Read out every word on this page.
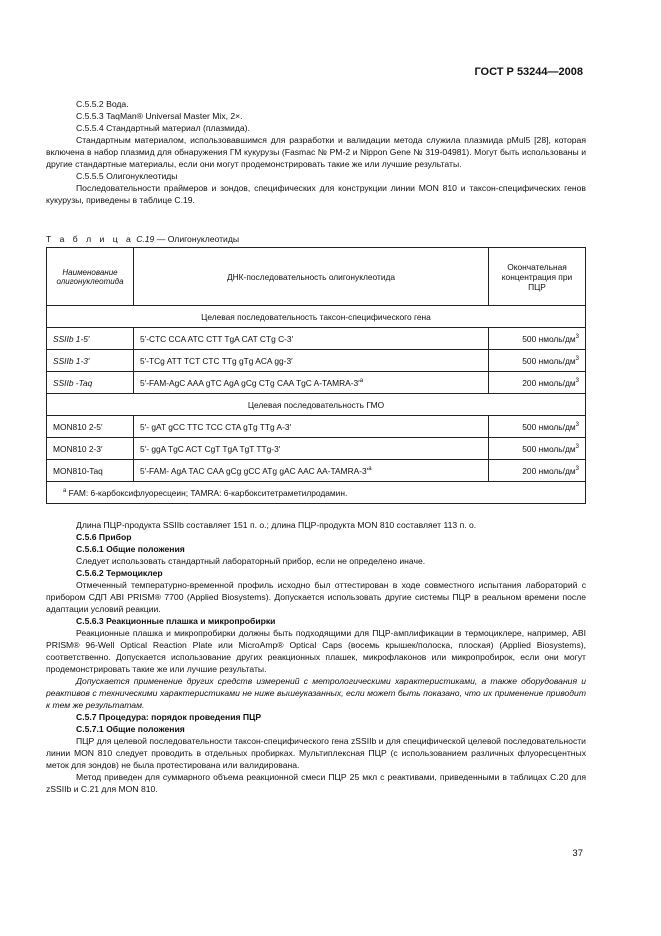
ГОСТ Р 53244—2008

С.5.5.2 Вода.

С.5.5.3 TaqMan® Universal Master Mix, 2×.

С.5.5.4 Стандартный материал (плазмида).

Стандартным материалом, использовавшимся для разработки и валидации метода служила плазмида pMul5 [28], которая включена в набор плазмид для обнаружения ГМ кукурузы (Fasmac № PM-2 и Nippon Gene № 319-04981). Могут быть использованы и другие стандартные материалы, если они могут продемонстрировать такие же или лучшие результаты.

С.5.5.5 Олигонуклеотиды

Последовательности праймеров и зондов, специфических для конструкции линии MON 810 и таксон-специфических генов кукурузы, приведены в таблице С.19.

Т а б л и ц а С.19 — Олигонуклеотиды
Наименование олигонуклеотида	ДНК-последовательность олигонуклеотида	Окончательная концентрация при ПЦР
Целевая последовательность таксон-специфического гена		
SSIIb 1-5′	5′-CTC CCA ATC CTT TgA CAT CTg C-3′	500 нмоль/$дм^3$
SSIIb 1-3′	5′-TCg ATT TCT CTC TTg gTg ACA gg-3′	500 нмоль/$дм^3$
SSIIb -Taq	5′-FAM-AgC AAA gTC AgA gCg CTg CAA TgC $A-TAMRA-3'^a$	200 нмоль/$дм^3$
Целевая последовательность ГМО		
MON810 2-5′	5′- gAT gCC TTC TCC CTA gTg TTg A-3′	500 нмоль/$дм^3$
MON810 2-3′	5′- ggA TgC ACT CgT TgA TgT TTg-3′	500 нмоль/$дм^3$
MON810-Taq	5′-FAM- AgA TAC CAA gCg gCC ATg gAC AAC $AA-TAMRA-3'^a$	200 нмоль/$дм^3$
$^a$ FAM: 6-карбоксифлуоресцеин; TAMRA: 6-карбокситетраметилродамин.		

Длина ПЦР-продукта SSIIb составляет 151 п. о.; длина ПЦР-продукта MON 810 составляет 113 п. о.

С.5.6 Прибор

С.5.6.1 Общие положения

Следует использовать стандартный лабораторный прибор, если не определено иначе.

С.5.6.2 Термоциклер

Отмеченный температурно-временной профиль исходно был оттестирован в ходе совместного испытания лабораторий с прибором СДП ABI PRISM® 7700 (Applied Biosystems). Допускается использовать другие системы ПЦР в реальном времени после адаптации условий реакции.

С.5.6.3 Реакционные плашка и микропробирки

Реакционные плашка и микропробирки должны быть подходящими для ПЦР-амплификации в термоциклере, например, ABI PRISM® 96-Well Optical Reaction Plate или MicroAmp® Optical Caps (восемь крышек/полоска, плоская) (Applied Biosystems), соответственно. Допускается использование других реакционных плашек, микрофлаконов или микропробирок, если они могут продемонстрировать такие же или лучшие результаты.

Допускается применение других средств измерений с метрологическими характеристиками, а также оборудования и реактивов с техническими характеристиками не ниже вышеуказанных, если может быть показано, что их применение приводит к тем же результатам.

С.5.7 Процедура: порядок проведения ПЦР

С.5.7.1 Общие положения

ПЦР для целевой последовательности таксон-специфического гена zSSIIb и для специфической целевой последовательности линии MON 810 следует проводить в отдельных пробирках. Мультиплексная ПЦР (с использованием различных флуоресцентных меток для зондов) не была протестирована или валидирована.

Метод приведен для суммарного объема реакционной смеси ПЦР 25 мкл с реактивами, приведенными в таблицах С.20 для zSSIIb и С.21 для MON 810.

37
